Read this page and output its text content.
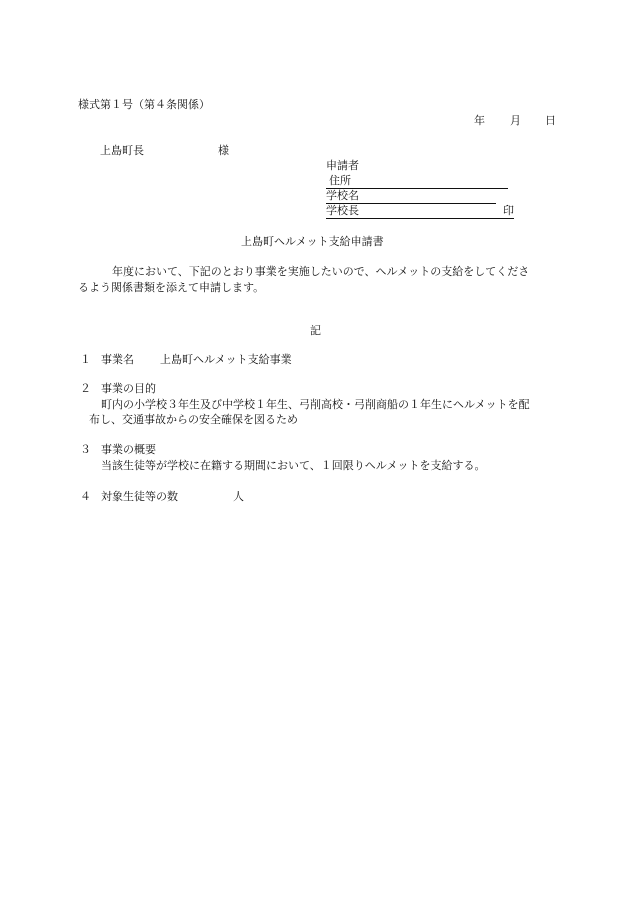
様式第１号（第４条関係）
年 月 日
上島町長	様
申請者
住所
学校名
学校長	印
上島町ヘルメット支給申請書
年度において、下記のとおり事業を実施したいので、ヘルメットの支給をしてくださ
るよう関係書類を添えて申請します。
記
１ 事業名 上島町ヘルメット支給事業
２ 事業の目的
町内の小学校３年生及び中学校１年生、弓削高校・弓削商船の１年生にヘルメットを配
布し、交通事故からの安全確保を図るため
３ 事業の概要
当該生徒等が学校に在籍する期間において、１回限りヘルメットを支給する。
４ 対象生徒等の数	人
